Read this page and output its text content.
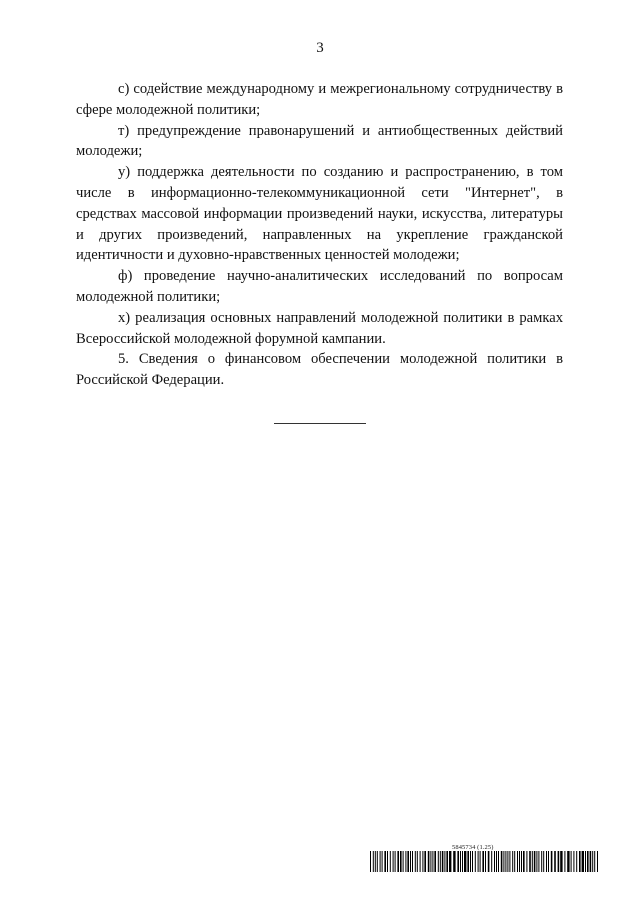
3

с) содействие международному и межрегиональному сотрудничеству в сфере молодежной политики;

т) предупреждение правонарушений и антиобщественных действий молодежи;

у) поддержка деятельности по созданию и распространению, в том числе в информационно-телекоммуникационной сети "Интернет", в средствах массовой информации произведений науки, искусства, литературы и других произведений, направленных на укрепление гражданской идентичности и духовно-нравственных ценностей молодежи;

ф) проведение научно-аналитических исследований по вопросам молодежной политики;

х) реализация основных направлений молодежной политики в рамках Всероссийской молодежной форумной кампании.

5. Сведения о финансовом обеспечении молодежной политики в Российской Федерации.

5845734 (1.25)
